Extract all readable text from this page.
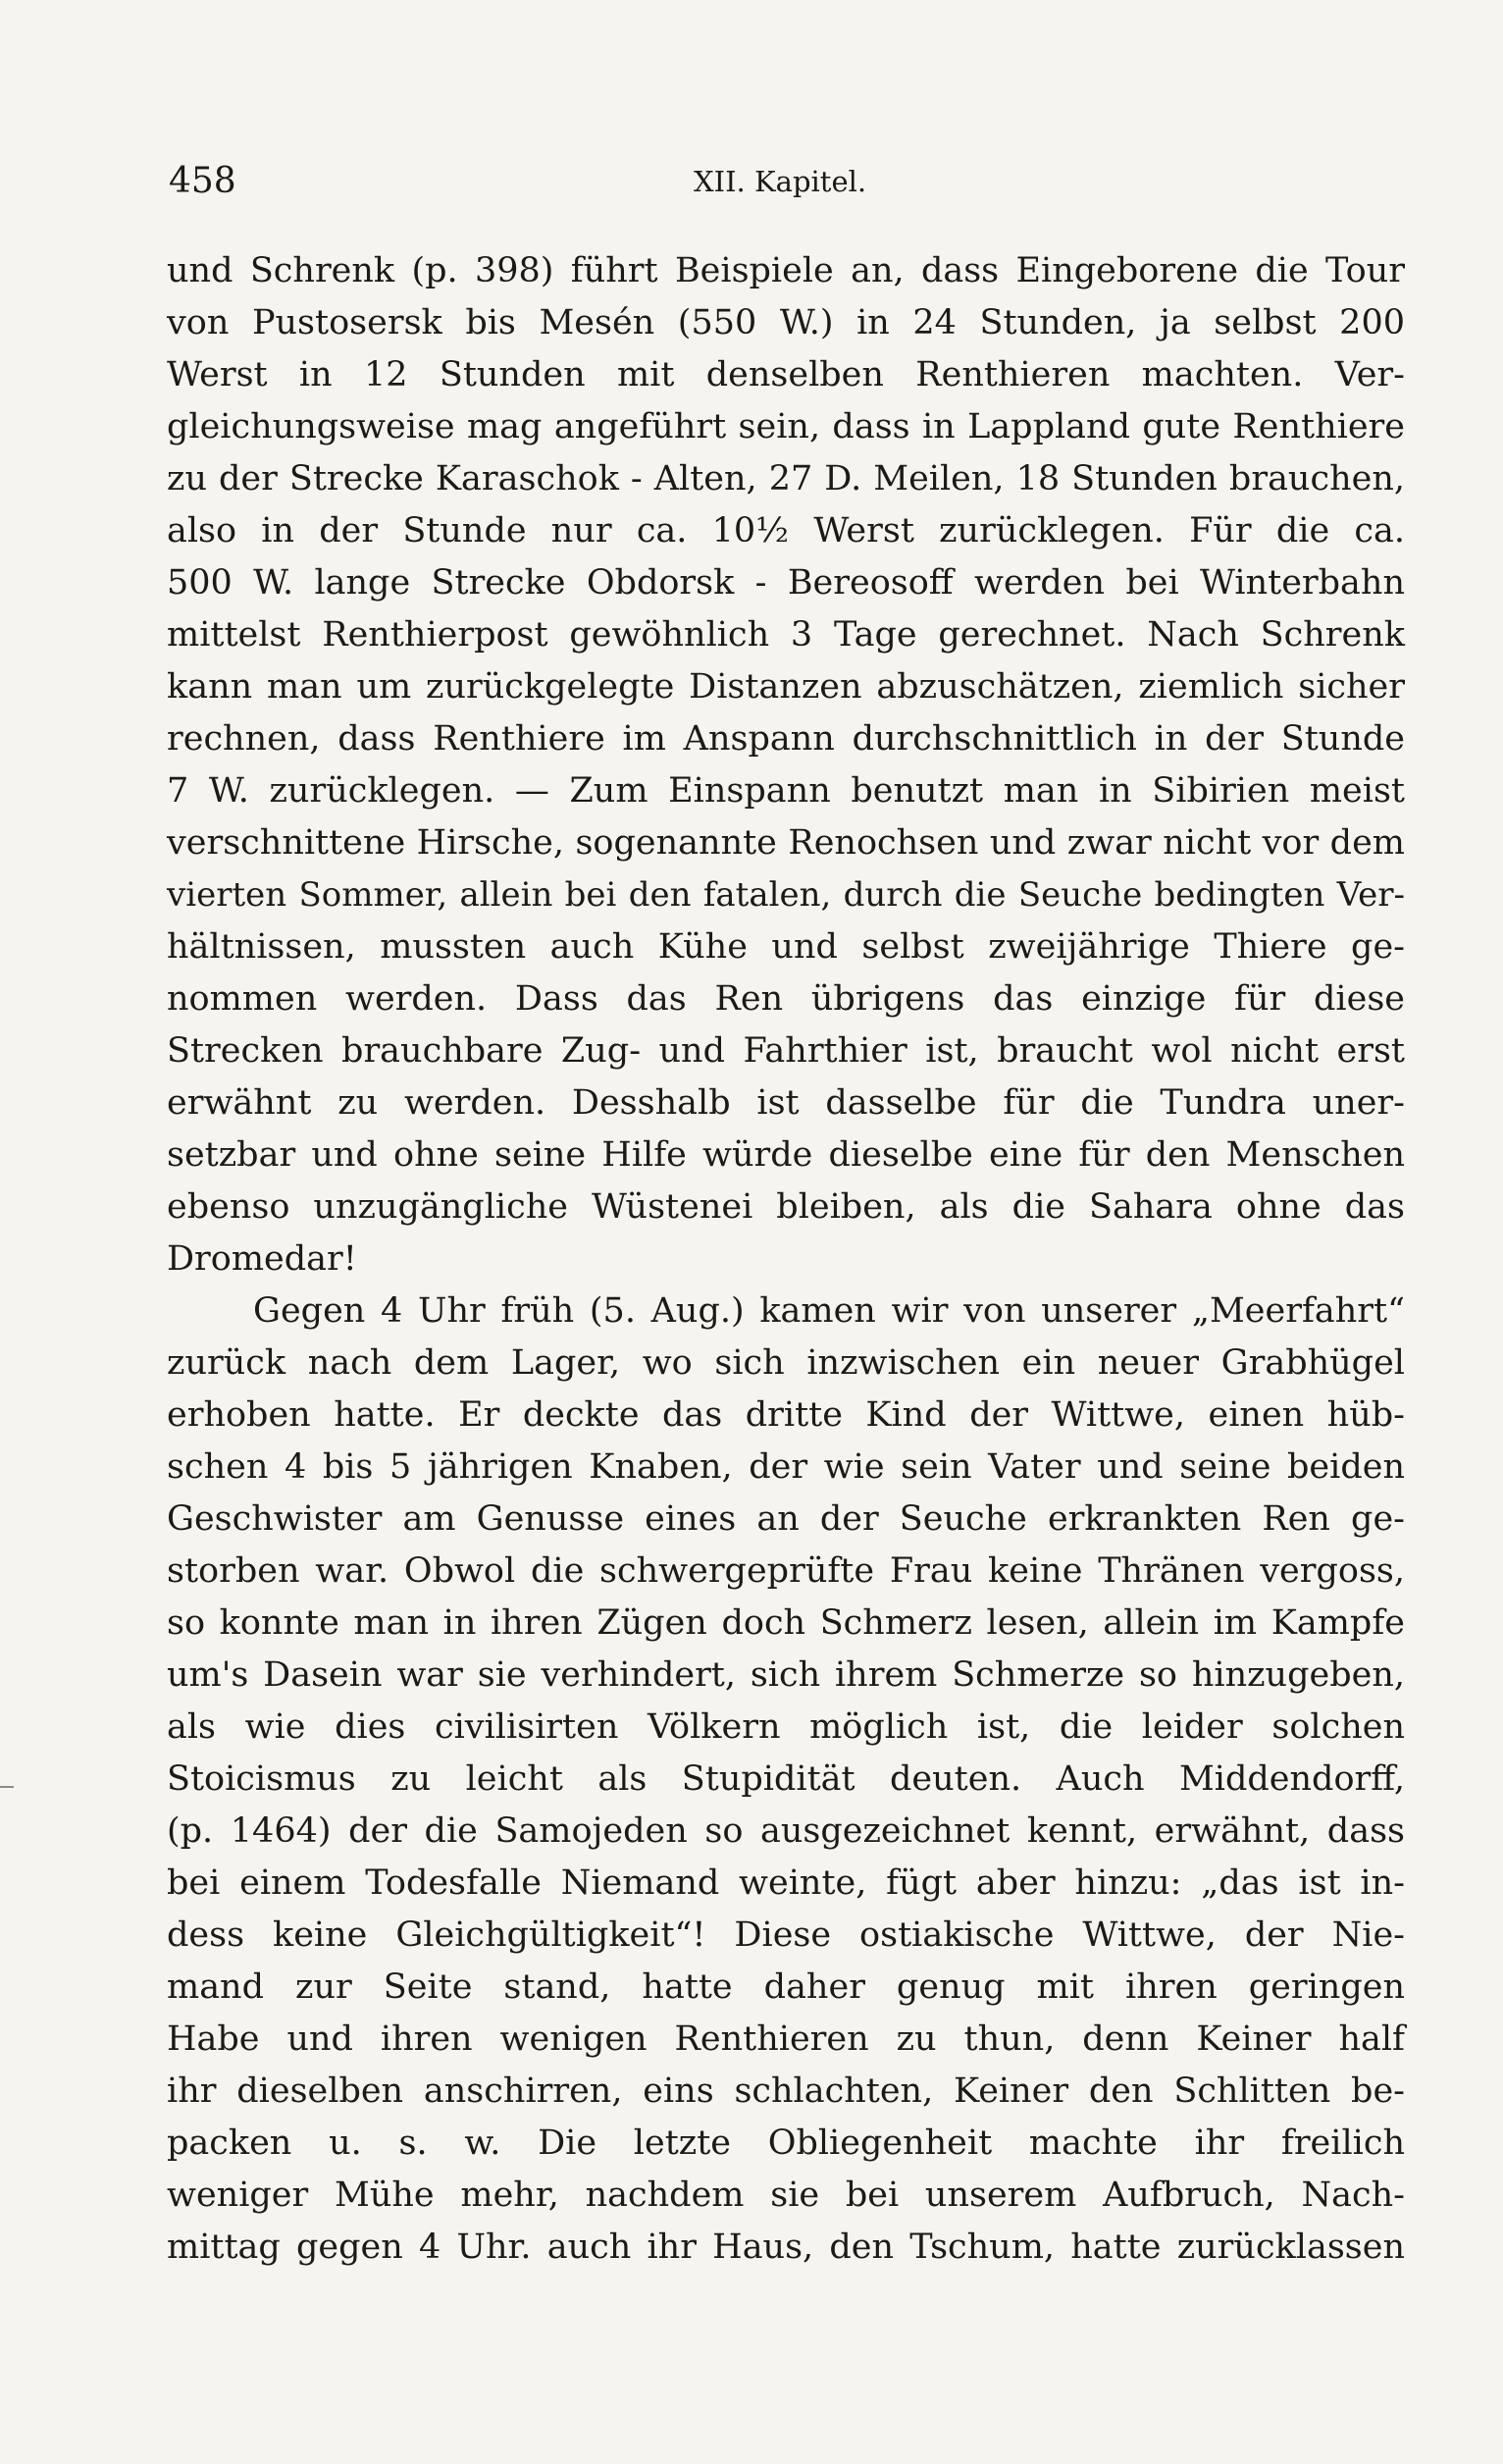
458	XII. Kapitel.
und Schrenk (p. 398) führt Beispiele an, dass Eingeborene die Tour
von Pustosersk bis Mesén (550 W.) in 24 Stunden, ja selbst 200
Werst in 12 Stunden mit denselben Renthieren machten. Ver-
gleichungsweise mag angeführt sein, dass in Lappland gute Renthiere
zu der Strecke Karaschok - Alten, 27 D. Meilen, 18 Stunden brauchen,
also in der Stunde nur ca. 10½ Werst zurücklegen. Für die ca.
500 W. lange Strecke Obdorsk - Bereosoff werden bei Winterbahn
mittelst Renthierpost gewöhnlich 3 Tage gerechnet. Nach Schrenk
kann man um zurückgelegte Distanzen abzuschätzen, ziemlich sicher
rechnen, dass Renthiere im Anspann durchschnittlich in der Stunde
7 W. zurücklegen. — Zum Einspann benutzt man in Sibirien meist
verschnittene Hirsche, sogenannte Renochsen und zwar nicht vor dem
vierten Sommer, allein bei den fatalen, durch die Seuche bedingten Ver-
hältnissen, mussten auch Kühe und selbst zweijährige Thiere ge-
nommen werden. Dass das Ren übrigens das einzige für diese
Strecken brauchbare Zug- und Fahrthier ist, braucht wol nicht erst
erwähnt zu werden. Desshalb ist dasselbe für die Tundra uner-
setzbar und ohne seine Hilfe würde dieselbe eine für den Menschen
ebenso unzugängliche Wüstenei bleiben, als die Sahara ohne das
Dromedar!
Gegen 4 Uhr früh (5. Aug.) kamen wir von unserer „Meerfahrt“
zurück nach dem Lager, wo sich inzwischen ein neuer Grabhügel
erhoben hatte. Er deckte das dritte Kind der Wittwe, einen hüb-
schen 4 bis 5 jährigen Knaben, der wie sein Vater und seine beiden
Geschwister am Genusse eines an der Seuche erkrankten Ren ge-
storben war. Obwol die schwergeprüfte Frau keine Thränen vergoss,
so konnte man in ihren Zügen doch Schmerz lesen, allein im Kampfe
um's Dasein war sie verhindert, sich ihrem Schmerze so hinzugeben,
als wie dies civilisirten Völkern möglich ist, die leider solchen
Stoicismus zu leicht als Stupidität deuten. Auch Middendorff,
(p. 1464) der die Samojeden so ausgezeichnet kennt, erwähnt, dass
bei einem Todesfalle Niemand weinte, fügt aber hinzu: „das ist in-
dess keine Gleichgültigkeit“! Diese ostiakische Wittwe, der Nie-
mand zur Seite stand, hatte daher genug mit ihren geringen
Habe und ihren wenigen Renthieren zu thun, denn Keiner half
ihr dieselben anschirren, eins schlachten, Keiner den Schlitten be-
packen u. s. w. Die letzte Obliegenheit machte ihr freilich
weniger Mühe mehr, nachdem sie bei unserem Aufbruch, Nach-
mittag gegen 4 Uhr. auch ihr Haus, den Tschum, hatte zurücklassen
